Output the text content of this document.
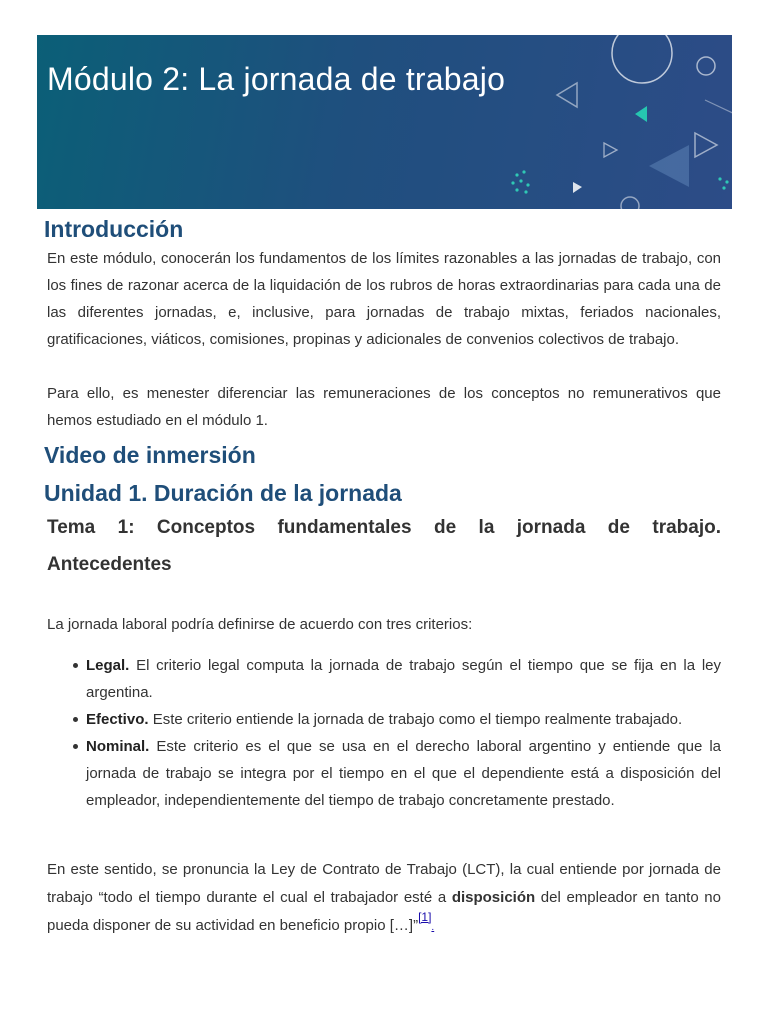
Módulo 2: La jornada de trabajo
Introducción

En este módulo, conocerán los fundamentos de los límites razonables a las jornadas de trabajo, con los fines de razonar acerca de la liquidación de los rubros de horas extraordinarias para cada una de las diferentes jornadas, e, inclusive, para jornadas de trabajo mixtas, feriados nacionales, gratificaciones, viáticos, comisiones, propinas y adicionales de convenios colectivos de trabajo.

Para ello, es menester diferenciar las remuneraciones de los conceptos no remunerativos que hemos estudiado en el módulo 1.

Video de inmersión
Unidad 1. Duración de la jornada
Tema 1: Conceptos fundamentales de la jornada de trabajo.
Antecedentes

La jornada laboral podría definirse de acuerdo con tres criterios:

Legal. El criterio legal computa la jornada de trabajo según el tiempo que se fija en la ley argentina.
Efectivo. Este criterio entiende la jornada de trabajo como el tiempo realmente trabajado.
Nominal. Este criterio es el que se usa en el derecho laboral argentino y entiende que la jornada de trabajo se integra por el tiempo en el que el dependiente está a disposición del empleador, independientemente del tiempo de trabajo concretamente prestado.

En este sentido, se pronuncia la Ley de Contrato de Trabajo (LCT), la cual entiende por jornada de trabajo “todo el tiempo durante el cual el trabajador esté a disposición del empleador en tanto no pueda disponer de su actividad en beneficio propio […]”[1].
